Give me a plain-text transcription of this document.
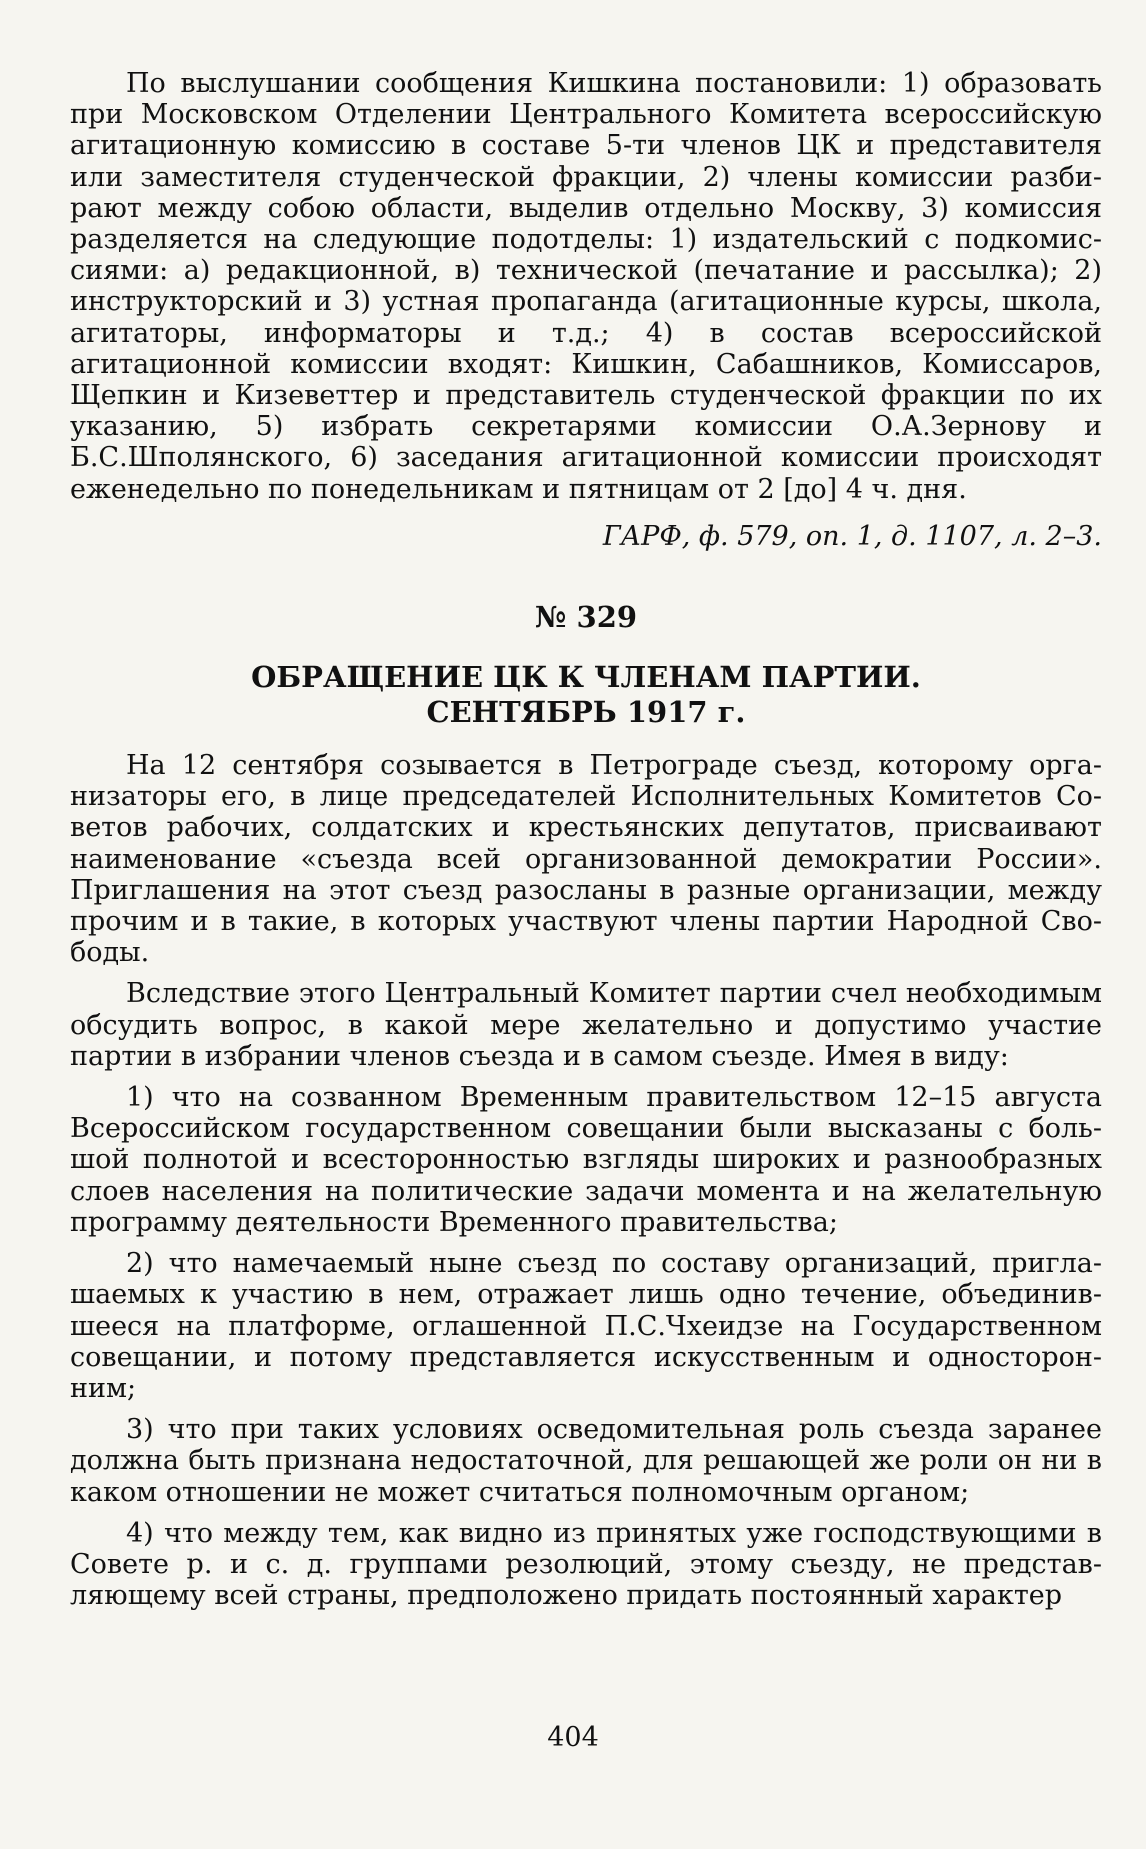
По выслушании сообщения Кишкина постановили: 1) образовать при Московском Отделении Центрального Комитета всероссийскую агитационную комиссию в составе 5-ти членов ЦК и представителя или заместителя студенческой фракции, 2) члены комиссии разбирают между собою области, выделив отдельно Москву, 3) комиссия разделяется на следующие подотделы: 1) издательский с подкомиссиями: а) редакционной, в) технической (печатание и рассылка); 2) инструкторский и 3) устная пропаганда (агитационные курсы, школа, агитаторы, информаторы и т.д.; 4) в состав всероссийской агитационной комиссии входят: Кишкин, Сабашников, Комиссаров, Щепкин и Кизеветтер и представитель студенческой фракции по их указанию, 5) избрать секретарями комиссии О.А.Зернову и Б.С.Шполянского, 6) заседания агитационной комиссии происходят еженедельно по понедельникам и пятницам от 2 [до] 4 ч. дня.

ГАРФ, ф. 579, оп. 1, д. 1107, л. 2–3.

№ 329
ОБРАЩЕНИЕ ЦК К ЧЛЕНАМ ПАРТИИ.
СЕНТЯБРЬ 1917 г.

На 12 сентября созывается в Петрограде съезд, которому организаторы его, в лице председателей Исполнительных Комитетов Советов рабочих, солдатских и крестьянских депутатов, присваивают наименование «съезда всей организованной демократии России». Приглашения на этот съезд разосланы в разные организации, между прочим и в такие, в которых участвуют члены партии Народной Свободы.

Вследствие этого Центральный Комитет партии счел необходимым обсудить вопрос, в какой мере желательно и допустимо участие партии в избрании членов съезда и в самом съезде. Имея в виду:

1) что на созванном Временным правительством 12–15 августа Всероссийском государственном совещании были высказаны с большой полнотой и всесторонностью взгляды широких и разнообразных слоев населения на политические задачи момента и на желательную программу деятельности Временного правительства;

2) что намечаемый ныне съезд по составу организаций, приглашаемых к участию в нем, отражает лишь одно течение, объединившееся на платформе, оглашенной П.С.Чхеидзе на Государственном совещании, и потому представляется искусственным и односторонним;

3) что при таких условиях осведомительная роль съезда заранее должна быть признана недостаточной, для решающей же роли он ни в каком отношении не может считаться полномочным органом;

4) что между тем, как видно из принятых уже господствующими в Совете р. и с. д. группами резолюций, этому съезду, не представляющему всей страны, предположено придать постоянный характер

404
